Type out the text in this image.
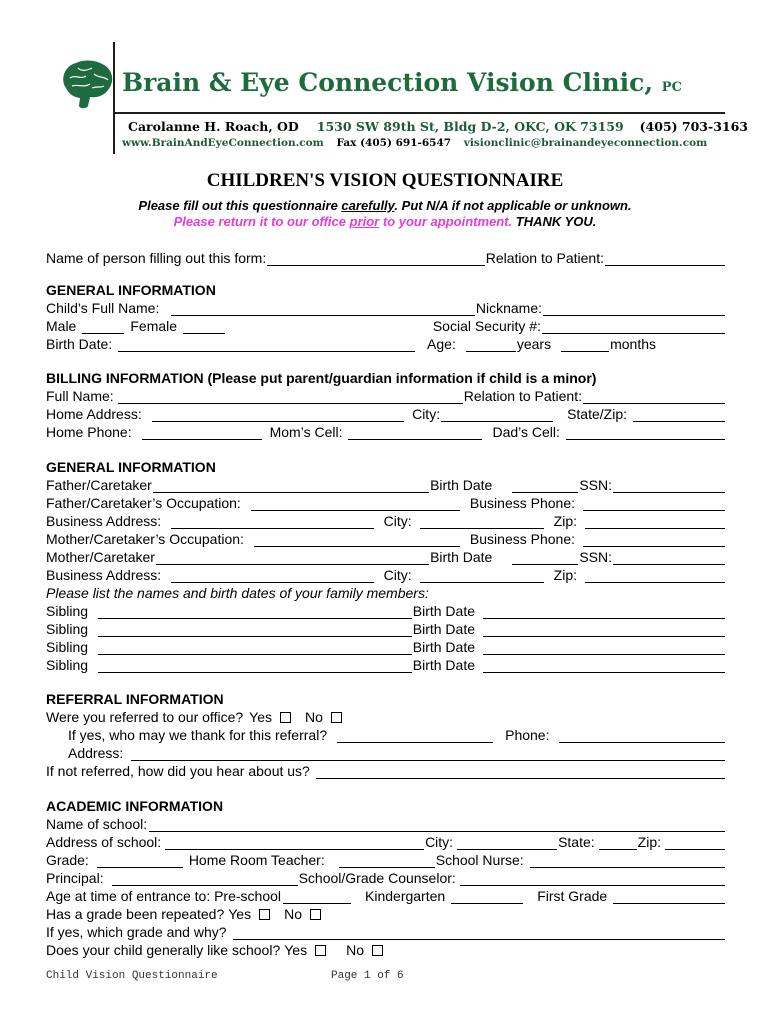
Brain & Eye Connection Vision Clinic, PC
Carolanne H. Roach, OD 1530 SW 89th St, Bldg D-2, OKC, OK 73159 (405) 703-3163
www.BrainAndEyeConnection.com Fax (405) 691-6547 visionclinic@brainandeyeconnection.com
CHILDREN'S VISION QUESTIONNAIRE
Please fill out this questionnaire carefully. Put N/A if not applicable or unknown.
Please return it to our office prior to your appointment. THANK YOU.
Name of person filling out this form:	Relation to Patient:
GENERAL INFORMATION
Child’s Full Name:	Nickname:
Male	Female	Social Security #:
Birth Date:	Age:	years	months
BILLING INFORMATION (Please put parent/guardian information if child is a minor)
Full Name:	Relation to Patient:
Home Address:	City:	State/Zip:
Home Phone:	Mom’s Cell:	Dad’s Cell:
GENERAL INFORMATION
Father/Caretaker	Birth Date	SSN:
Father/Caretaker’s Occupation:	Business Phone:
Business Address:	City:	Zip:
Mother/Caretaker’s Occupation:	Business Phone:
Mother/Caretaker	Birth Date	SSN:
Business Address:	City:	Zip:
Please list the names and birth dates of your family members:
Sibling	Birth Date
Sibling	Birth Date
Sibling	Birth Date
Sibling	Birth Date
REFERRAL INFORMATION
Were you referred to our office? Yes No
If yes, who may we thank for this referral?	Phone:
Address:
If not referred, how did you hear about us?
ACADEMIC INFORMATION
Name of school:
Address of school:	City:	State:	Zip:
Grade:	Home Room Teacher:	School Nurse:
Principal:	School/Grade Counselor:
Age at time of entrance to: Pre-school	Kindergarten	First Grade
Has a grade been repeated? Yes No
If yes, which grade and why?
Does your child generally like school? Yes	No
Child Vision Questionnaire	Page 1 of 6
